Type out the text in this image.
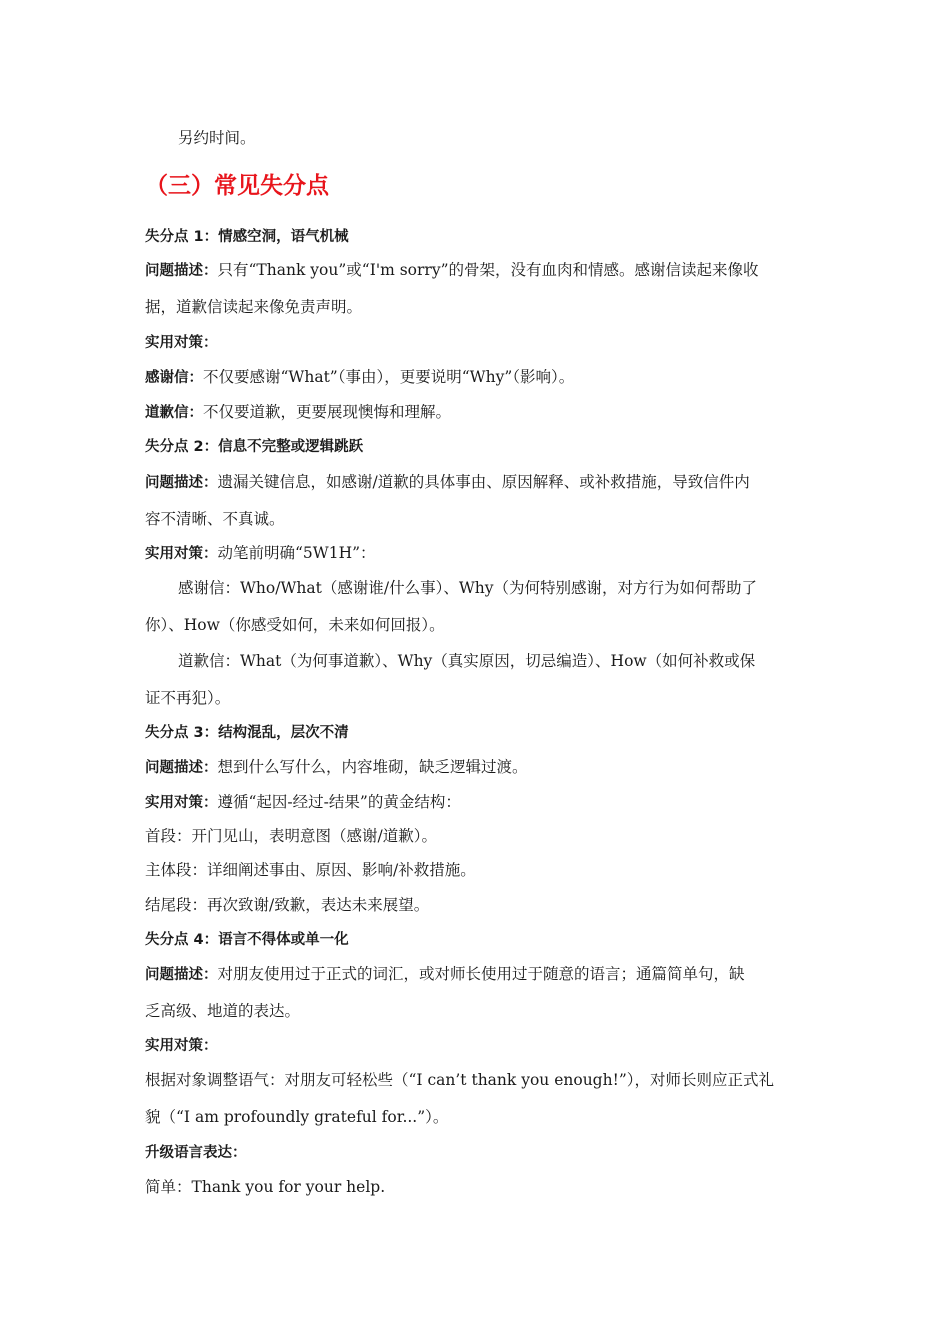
另约时间。
（三）常见失分点
失分点 1：情感空洞，语气机械
问题描述：只有“Thank you”或“I'm sorry”的骨架，没有血肉和情感。感谢信读起来像收
据，道歉信读起来像免责声明。
实用对策：
感谢信：不仅要感谢“What”（事由），更要说明“Why”（影响）。
道歉信：不仅要道歉，更要展现懊悔和理解。
失分点 2：信息不完整或逻辑跳跃
问题描述：遗漏关键信息，如感谢/道歉的具体事由、原因解释、或补救措施，导致信件内
容不清晰、不真诚。
实用对策：动笔前明确“5W1H”：
感谢信：Who/What（感谢谁/什么事）、Why（为何特别感谢，对方行为如何帮助了
你）、How（你感受如何，未来如何回报）。
道歉信：What（为何事道歉）、Why（真实原因，切忌编造）、How（如何补救或保
证不再犯）。
失分点 3：结构混乱，层次不清
问题描述：想到什么写什么，内容堆砌，缺乏逻辑过渡。
实用对策：遵循“起因-经过-结果”的黄金结构：
首段：开门见山，表明意图（感谢/道歉）。
主体段：详细阐述事由、原因、影响/补救措施。
结尾段：再次致谢/致歉，表达未来展望。
失分点 4：语言不得体或单一化
问题描述：对朋友使用过于正式的词汇，或对师长使用过于随意的语言；通篇简单句，缺
乏高级、地道的表达。
实用对策：
根据对象调整语气：对朋友可轻松些（“I can’t thank you enough!”），对师长则应正式礼
貌（“I am profoundly grateful for...”）。
升级语言表达：
简单：Thank you for your help.
